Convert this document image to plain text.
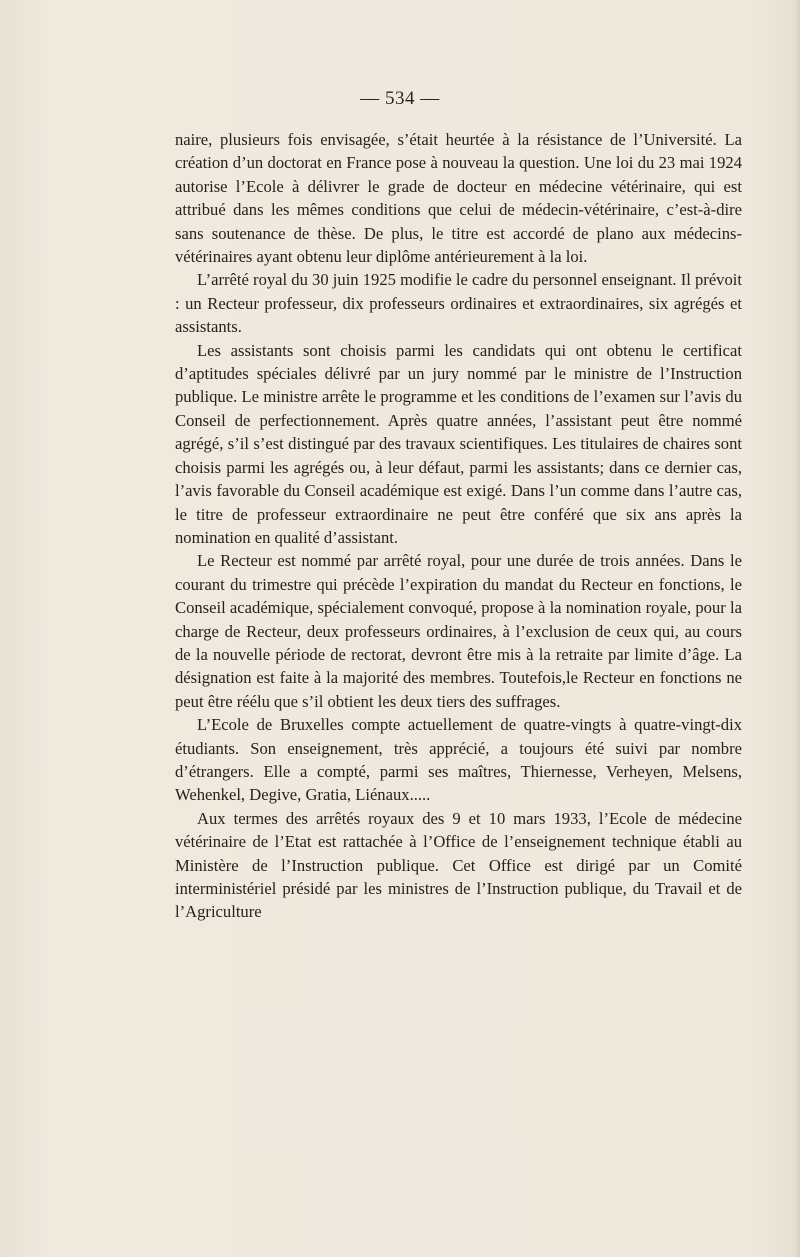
— 534 —

naire, plusieurs fois envisagée, s’était heurtée à la résistance de l’Université. La création d’un doctorat en France pose à nouveau la question. Une loi du 23 mai 1924 autorise l’Ecole à délivrer le grade de docteur en médecine vétérinaire, qui est attribué dans les mêmes conditions que celui de médecin-vétérinaire, c’est-à-dire sans soutenance de thèse. De plus, le titre est accordé de plano aux médecins-vétérinaires ayant obtenu leur diplôme antérieurement à la loi.

L’arrêté royal du 30 juin 1925 modifie le cadre du personnel enseignant. Il prévoit : un Recteur professeur, dix professeurs ordinaires et extraordinaires, six agrégés et assistants.

Les assistants sont choisis parmi les candidats qui ont obtenu le certificat d’aptitudes spéciales délivré par un jury nommé par le ministre de l’Instruction publique. Le ministre arrête le programme et les conditions de l’examen sur l’avis du Conseil de perfectionnement. Après quatre années, l’assistant peut être nommé agrégé, s’il s’est distingué par des travaux scientifiques. Les titulaires de chaires sont choisis parmi les agrégés ou, à leur défaut, parmi les assistants; dans ce dernier cas, l’avis favorable du Conseil académique est exigé. Dans l’un comme dans l’autre cas, le titre de professeur extraordinaire ne peut être conféré que six ans après la nomination en qualité d’assistant.

Le Recteur est nommé par arrêté royal, pour une durée de trois années. Dans le courant du trimestre qui précède l’expiration du mandat du Recteur en fonctions, le Conseil académique, spécialement convoqué, propose à la nomination royale, pour la charge de Recteur, deux professeurs ordinaires, à l’exclusion de ceux qui, au cours de la nouvelle période de rectorat, devront être mis à la retraite par limite d’âge. La désignation est faite à la majorité des membres. Toutefois,le Recteur en fonctions ne peut être réélu que s’il obtient les deux tiers des suffrages.

L’Ecole de Bruxelles compte actuellement de quatre-vingts à quatre-vingt-dix étudiants. Son enseignement, très apprécié, a toujours été suivi par nombre d’étrangers. Elle a compté, parmi ses maîtres, Thiernesse, Verheyen, Melsens, Wehenkel, Degive, Gratia, Liénaux.....

Aux termes des arrêtés royaux des 9 et 10 mars 1933, l’Ecole de médecine vétérinaire de l’Etat est rattachée à l’Office de l’enseignement technique établi au Ministère de l’Instruction publique. Cet Office est dirigé par un Comité interministériel présidé par les ministres de l’Instruction publique, du Travail et de l’Agriculture
